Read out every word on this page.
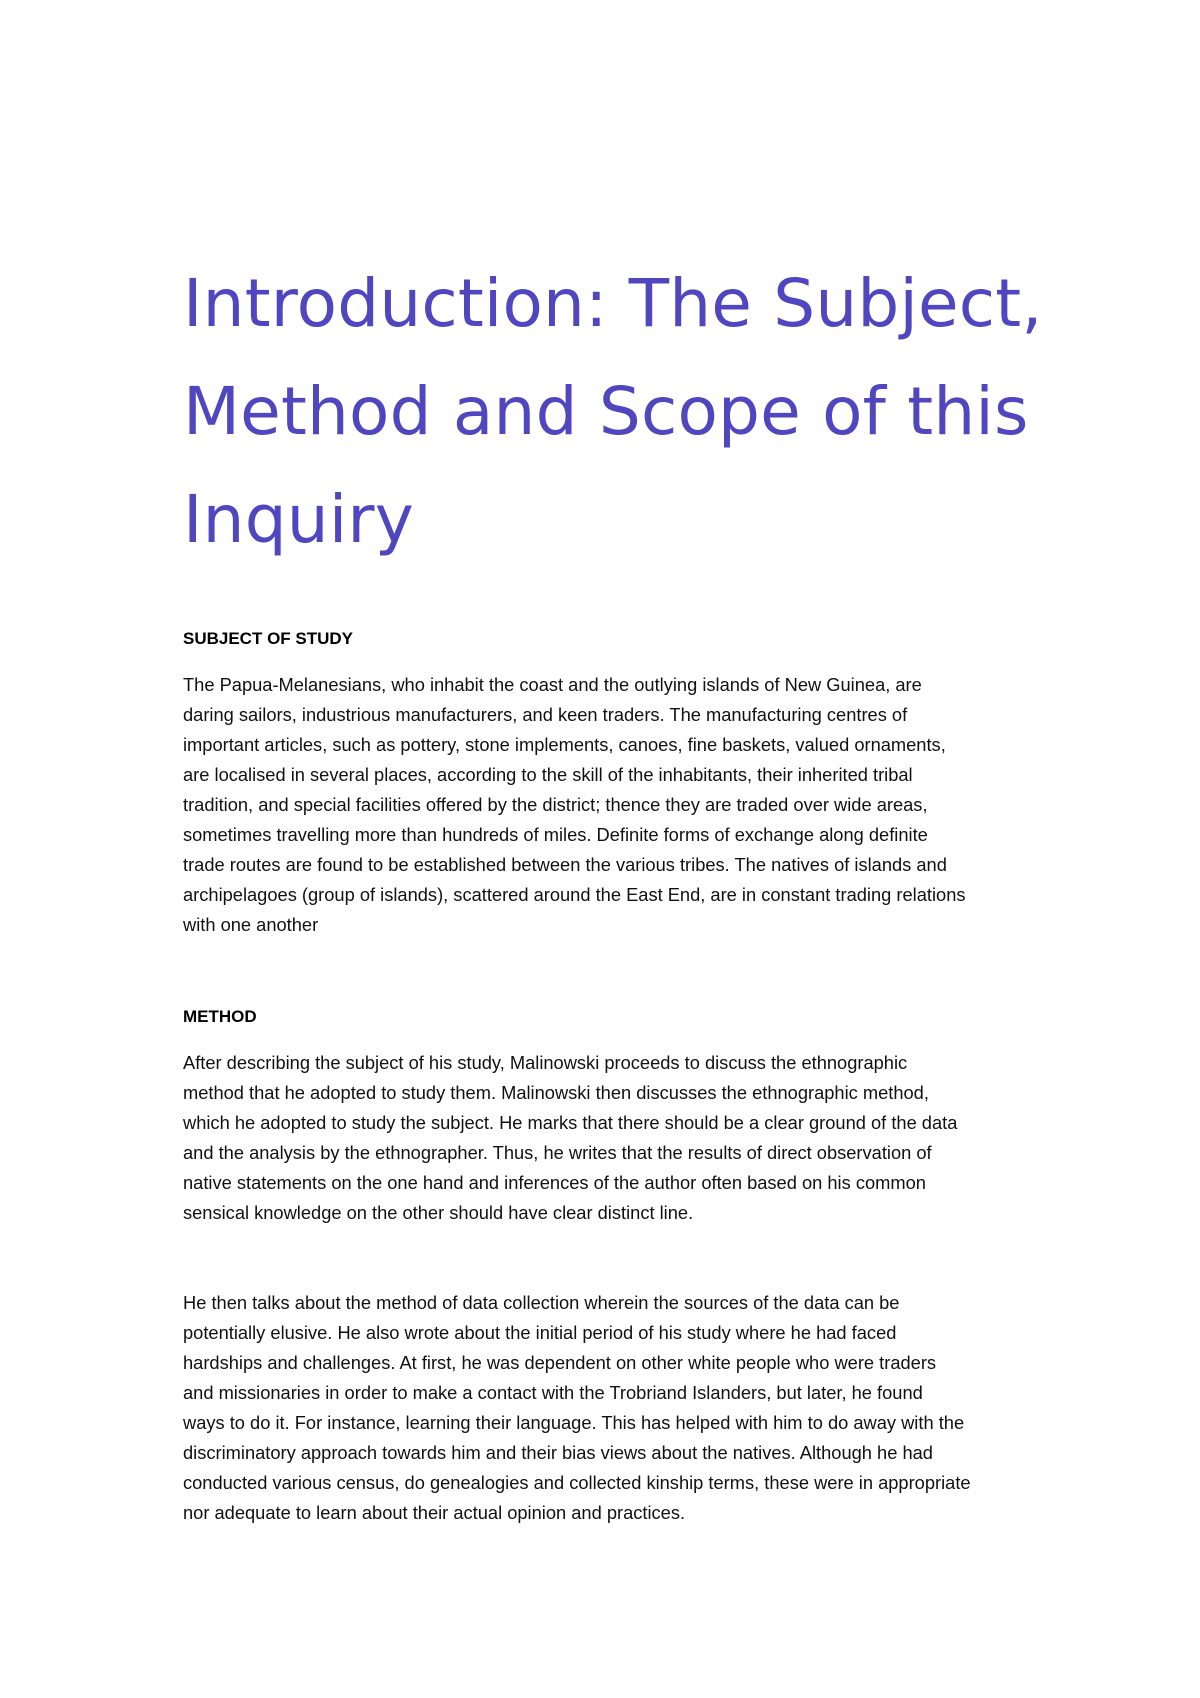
Introduction: The Subject,
Method and Scope of this
Inquiry
SUBJECT OF STUDY

The Papua-Melanesians, who inhabit the coast and the outlying islands of New Guinea, are
daring sailors, industrious manufacturers, and keen traders. The manufacturing centres of
important articles, such as pottery, stone implements, canoes, fine baskets, valued ornaments,
are localised in several places, according to the skill of the inhabitants, their inherited tribal
tradition, and special facilities offered by the district; thence they are traded over wide areas,
sometimes travelling more than hundreds of miles. Definite forms of exchange along definite
trade routes are found to be established between the various tribes. The natives of islands and
archipelagoes (group of islands), scattered around the East End, are in constant trading relations
with one another

METHOD

After describing the subject of his study, Malinowski proceeds to discuss the ethnographic
method that he adopted to study them. Malinowski then discusses the ethnographic method,
which he adopted to study the subject. He marks that there should be a clear ground of the data
and the analysis by the ethnographer. Thus, he writes that the results of direct observation of
native statements on the one hand and inferences of the author often based on his common
sensical knowledge on the other should have clear distinct line.

He then talks about the method of data collection wherein the sources of the data can be
potentially elusive. He also wrote about the initial period of his study where he had faced
hardships and challenges. At first, he was dependent on other white people who were traders
and missionaries in order to make a contact with the Trobriand Islanders, but later, he found
ways to do it. For instance, learning their language. This has helped with him to do away with the
discriminatory approach towards him and their bias views about the natives. Although he had
conducted various census, do genealogies and collected kinship terms, these were in appropriate
nor adequate to learn about their actual opinion and practices.
